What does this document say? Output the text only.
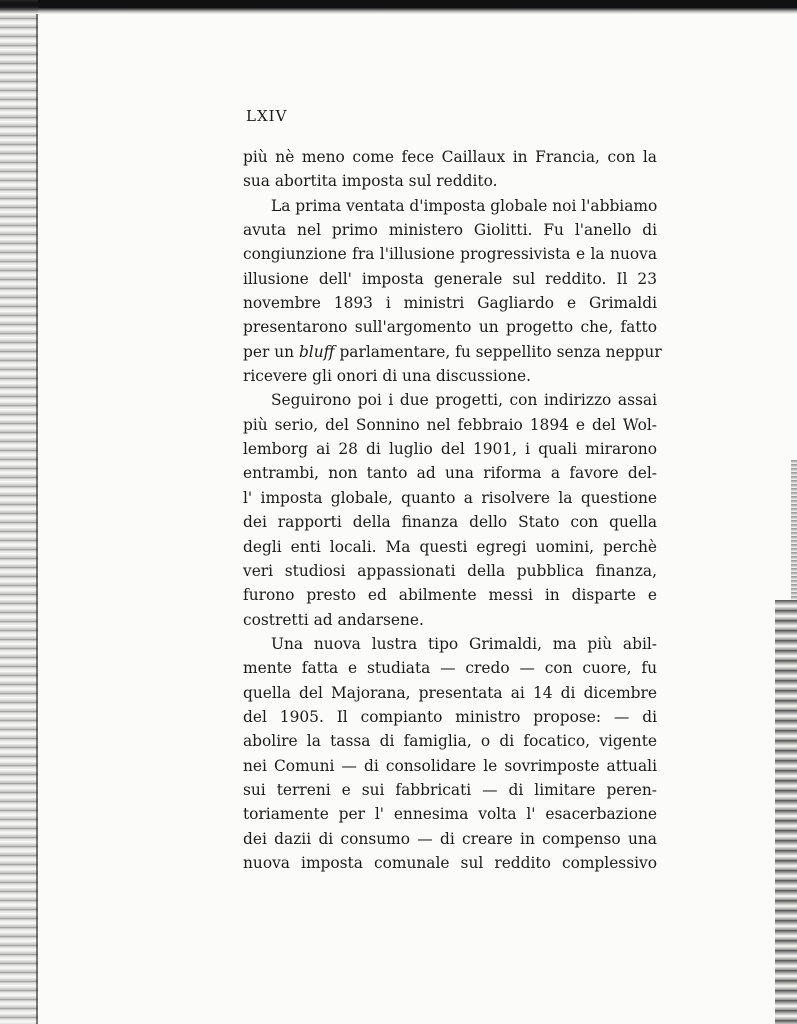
LXIV
più nè meno come fece Caillaux in Francia, con la
sua abortita imposta sul reddito.
La prima ventata d'imposta globale noi l'abbiamo
avuta nel primo ministero Giolitti. Fu l'anello di
congiunzione fra l'illusione progressivista e la nuova
illusione dell' imposta generale sul reddito. Il 23
novembre 1893 i ministri Gagliardo e Grimaldi
presentarono sull'argomento un progetto che, fatto
per un bluff parlamentare, fu seppellito senza neppur
ricevere gli onori di una discussione.
Seguirono poi i due progetti, con indirizzo assai
più serio, del Sonnino nel febbraio 1894 e del Wol-
lemborg ai 28 di luglio del 1901, i quali mirarono
entrambi, non tanto ad una riforma a favore del-
l' imposta globale, quanto a risolvere la questione
dei rapporti della finanza dello Stato con quella
degli enti locali. Ma questi egregi uomini, perchè
veri studiosi appassionati della pubblica finanza,
furono presto ed abilmente messi in disparte e
costretti ad andarsene.
Una nuova lustra tipo Grimaldi, ma più abil-
mente fatta e studiata — credo — con cuore, fu
quella del Majorana, presentata ai 14 di dicembre
del 1905. Il compianto ministro propose: — di
abolire la tassa di famiglia, o di focatico, vigente
nei Comuni — di consolidare le sovrimposte attuali
sui terreni e sui fabbricati — di limitare peren-
toriamente per l' ennesima volta l' esacerbazione
dei dazii di consumo — di creare in compenso una
nuova imposta comunale sul reddito complessivo
